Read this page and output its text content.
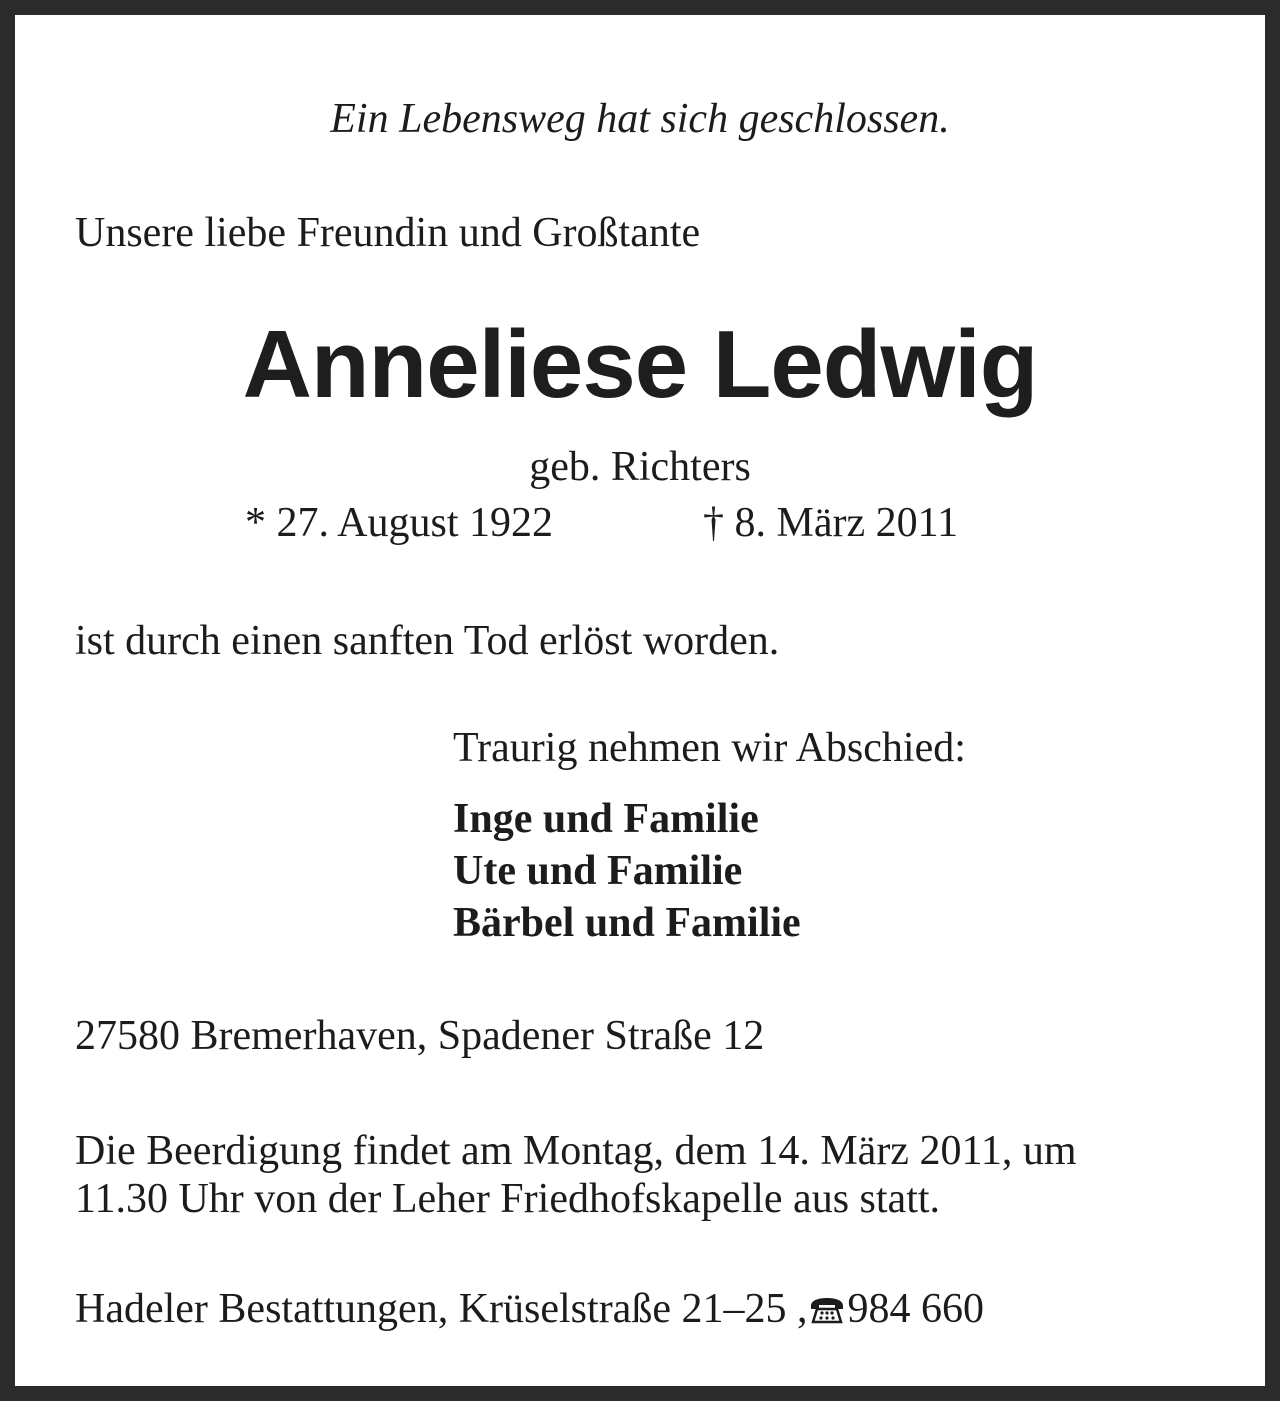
Ein Lebensweg hat sich geschlossen.

Unsere liebe Freundin und Großtante

Anneliese Ledwig

geb. Richters

* 27. August 1922	† 8. März 2011

ist durch einen sanften Tod erlöst worden.

Traurig nehmen wir Abschied:

Inge und Familie

Ute und Familie

Bärbel und Familie

27580 Bremerhaven, Spadener Straße 12

Die Beerdigung findet am Montag, dem 14. März 2011, um

11.30 Uhr von der Leher Friedhofskapelle aus statt.

Hadeler Bestattungen, Krüselstraße 21–25 , 984 660
